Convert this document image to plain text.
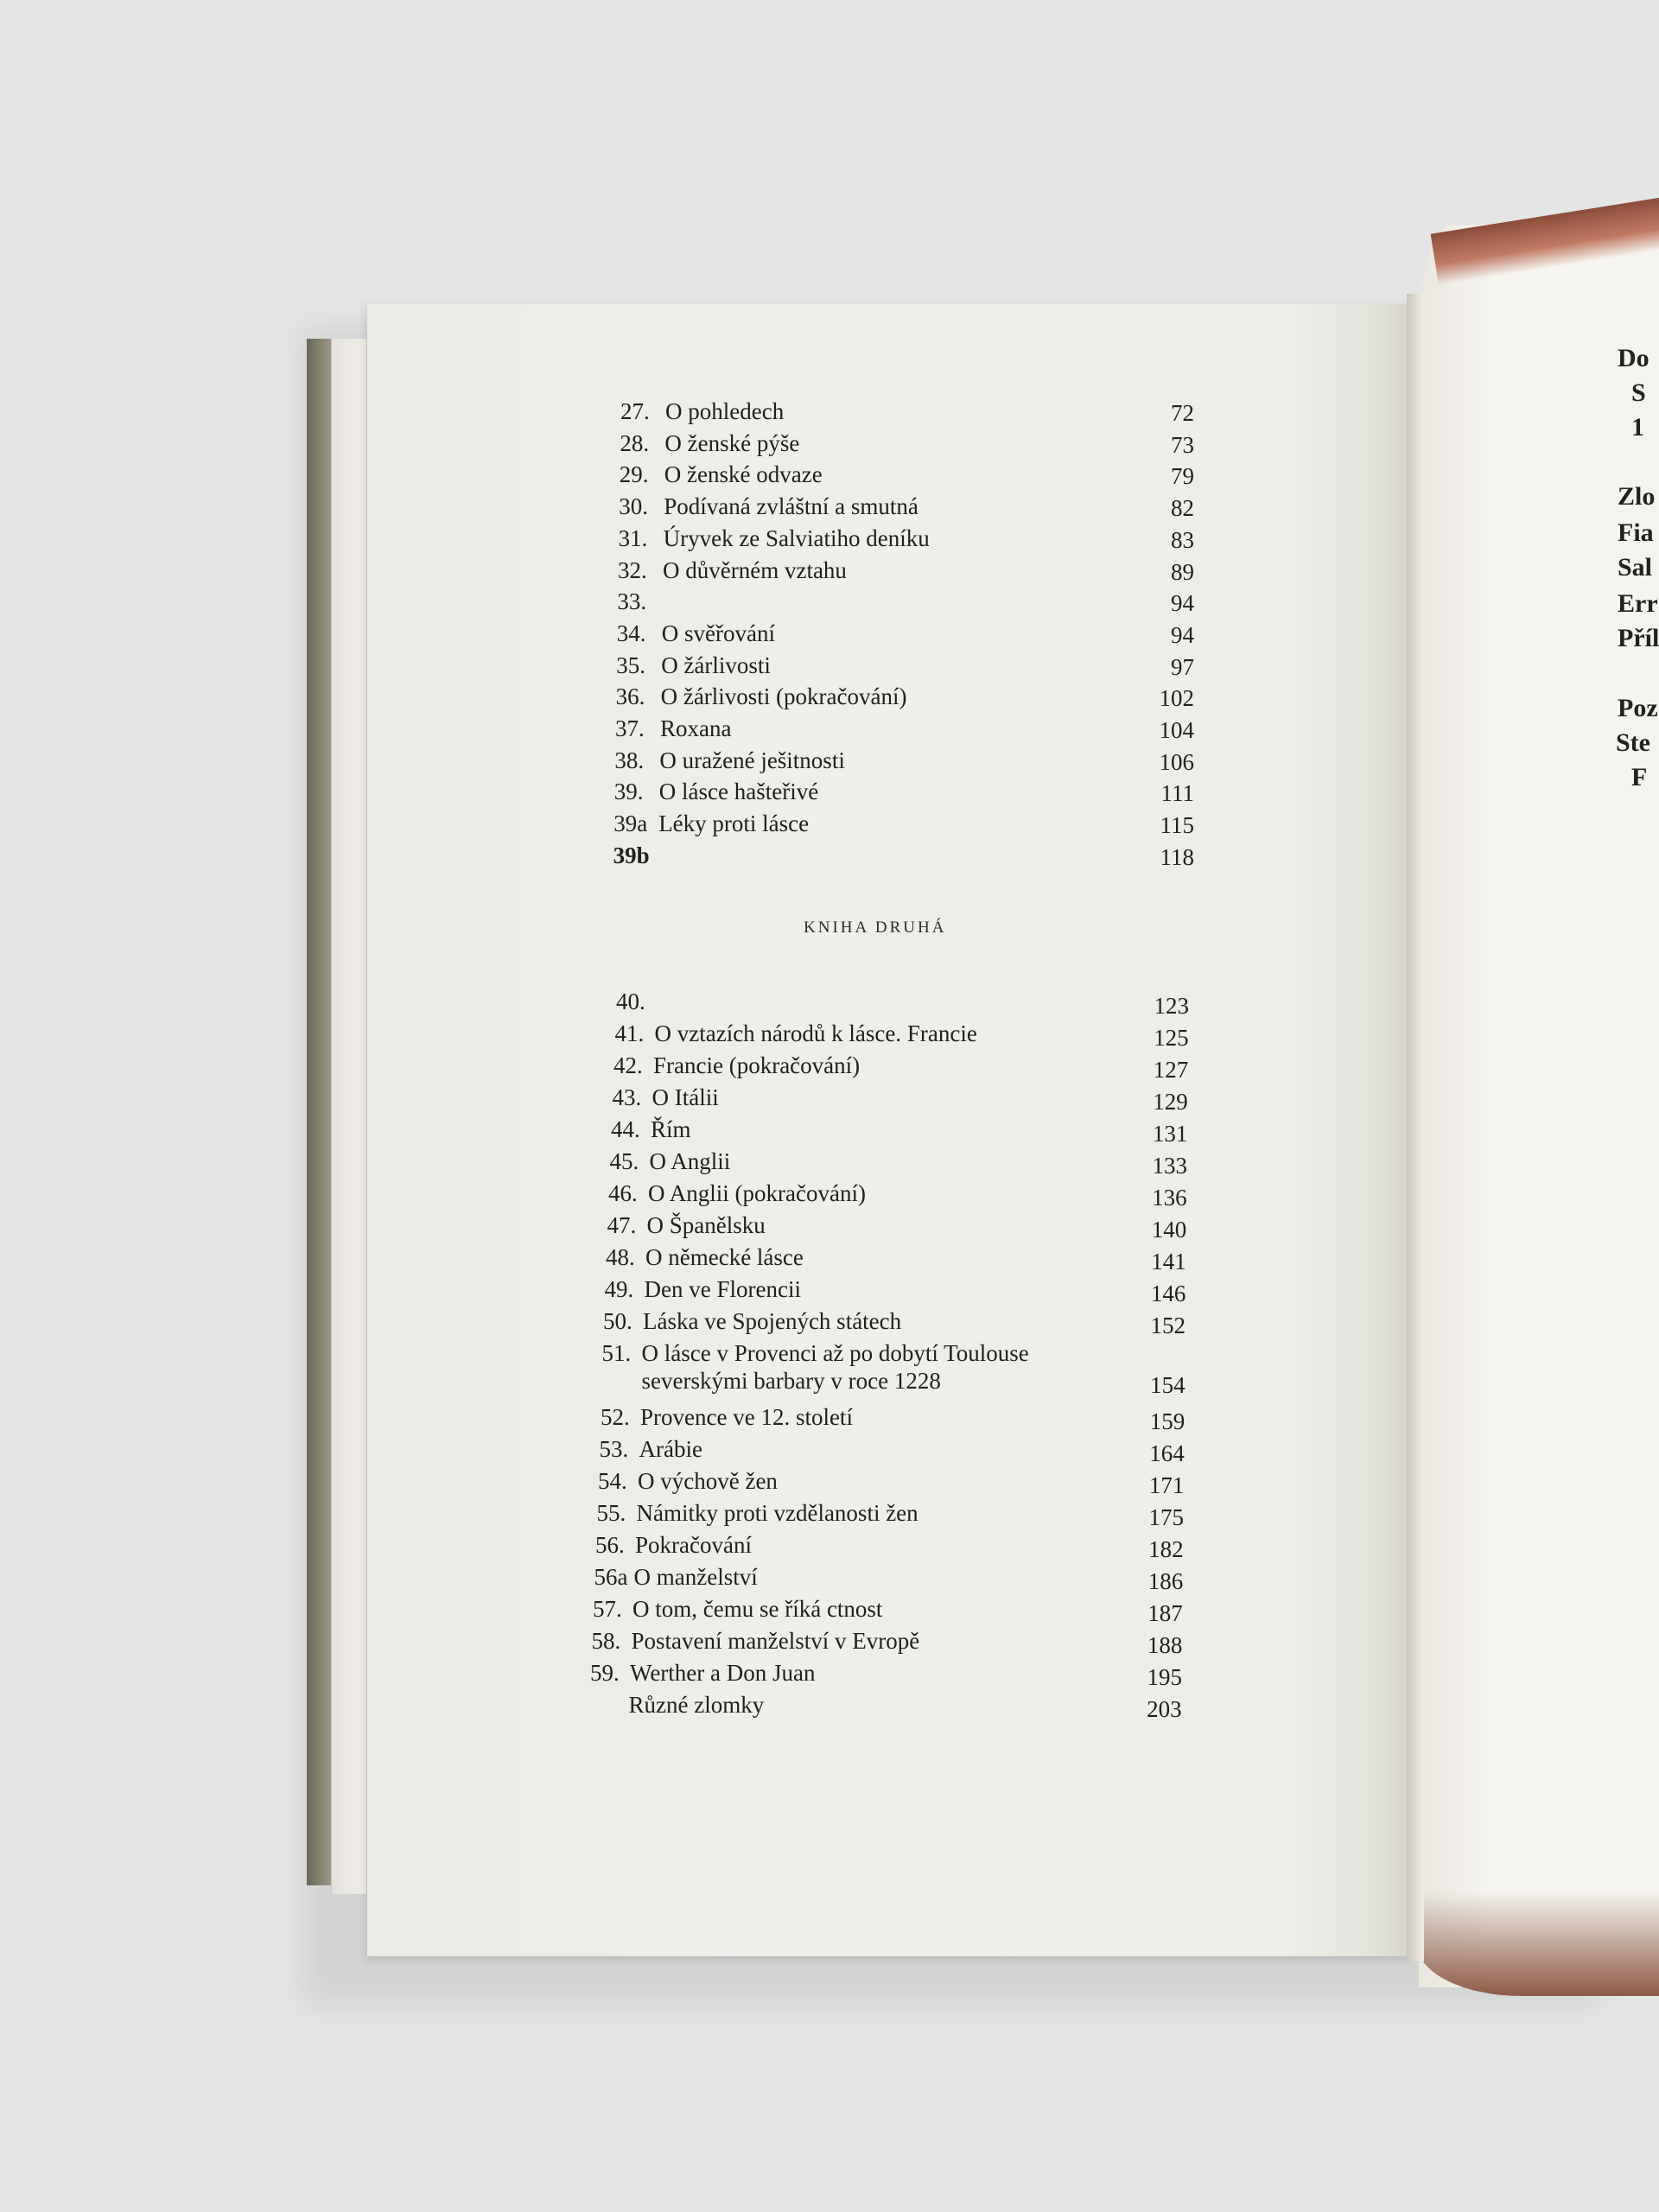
27. O pohledech	72
28. O ženské pýše	73
29. O ženské odvaze	79
30. Podívaná zvláštní a smutná	82
31. Úryvek ze Salviatiho deníku	83
32. O důvěrném vztahu	89
33.	94
34. O svěřování	94
35. O žárlivosti	97
36. O žárlivosti (pokračování)	102
37. Roxana	104
38. O uražené ješitnosti	106
39. O lásce hašteřivé	111
39a Léky proti lásce	115
39b	118
KNIHA DRUHÁ
40.	123
41. O vztazích národů k lásce. Francie	125
42. Francie (pokračování)	127
43. O Itálii	129
44. Řím	131
45. O Anglii	133
46. O Anglii (pokračování)	136
47. O Španělsku	140
48. O německé lásce	141
49. Den ve Florencii	146
50. Láska ve Spojených státech	152
51. O lásce v Provenci až po dobytí Toulouse
severskými barbary v roce 1228	154
52. Provence ve 12. století	159
53. Arábie	164
54. O výchově žen	171
55. Námitky proti vzdělanosti žen	175
56. Pokračování	182
56a O manželství	186
57. O tom, čemu se říká ctnost	187
58. Postavení manželství v Evropě	188
59. Werther a Don Juan	195
Různé zlomky	203
Do
S
1
Zlo
Fia
Sal
Err
Příl
Poz
Ste
F
